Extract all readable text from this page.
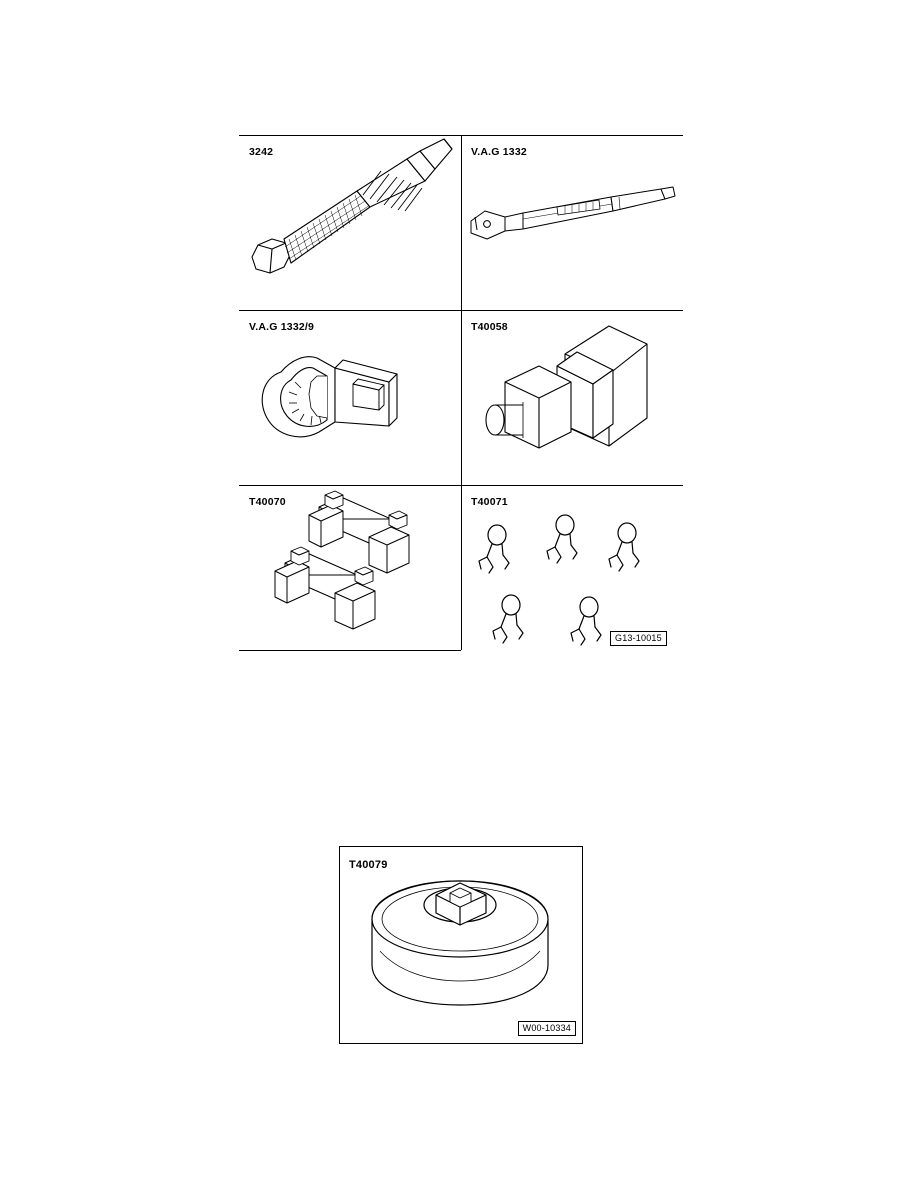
3242	V.A.G 1332
V.A.G 1332/9	T40058
T40070	T40071
G13-10015
T40079
W00-10334
